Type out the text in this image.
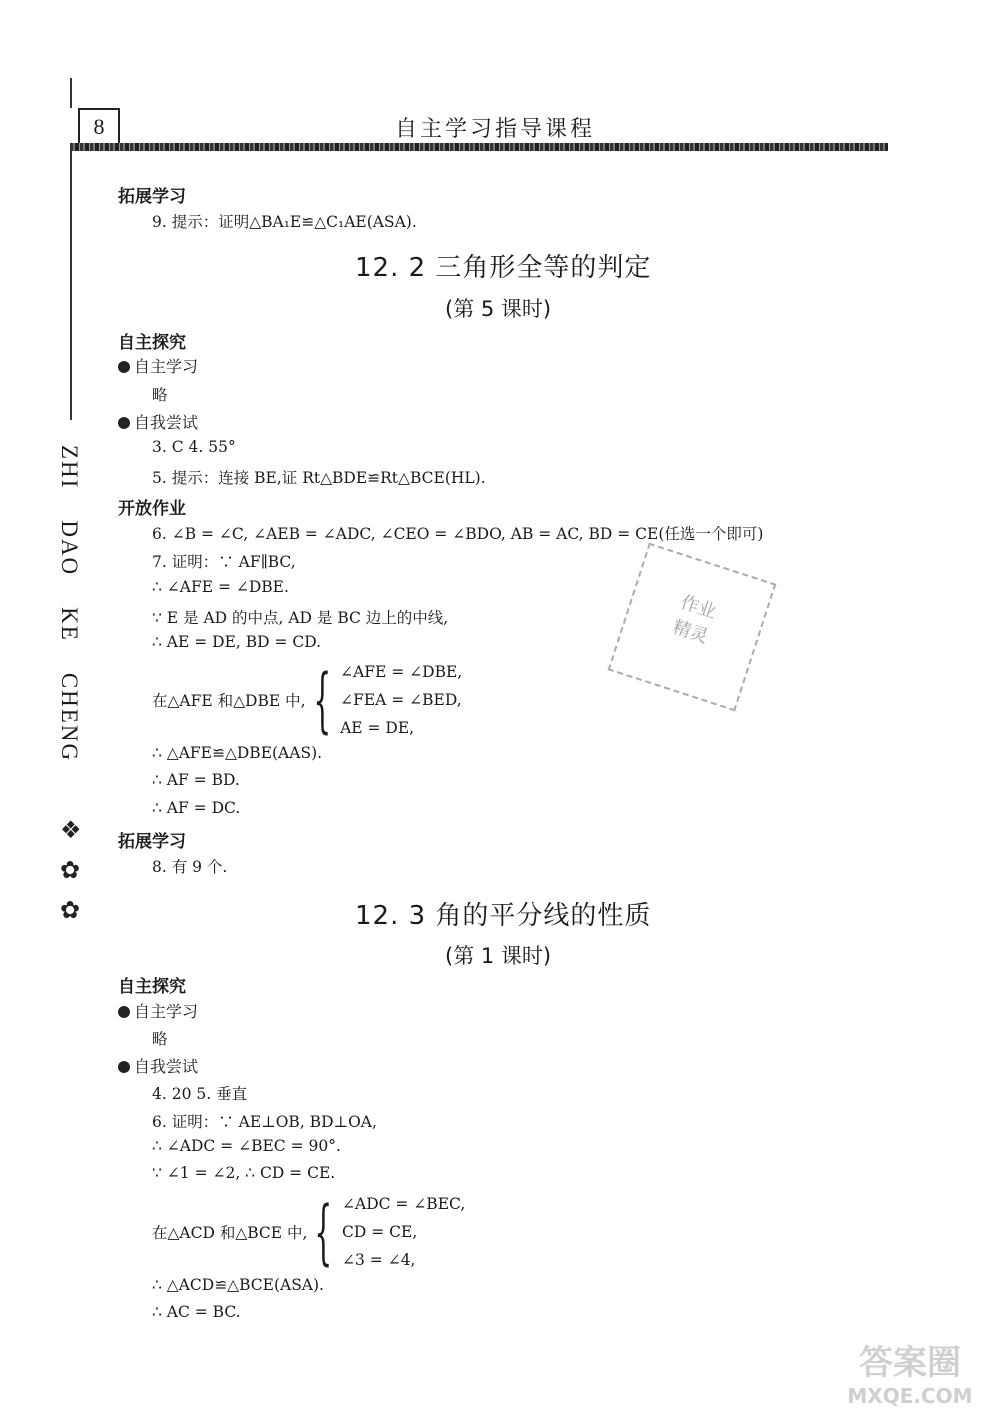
8	自主学习指导课程
ZHI    DAO    KE    CHENG
❖
✿
✿
拓展学习
9. 提示：证明△BA₁E≌△C₁AE(ASA).
12. 2 三角形全等的判定
(第 5 课时)
自主探究
自主学习
略
自我尝试
3. C 4. 55°
5. 提示：连接 BE,证 Rt△BDE≌Rt△BCE(HL).
开放作业
6. ∠B = ∠C, ∠AEB = ∠ADC, ∠CEO = ∠BDO, AB = AC, BD = CE(任选一个即可)
7. 证明：∵ AF∥BC,
∴ ∠AFE = ∠DBE.
∵ E 是 AD 的中点, AD 是 BC 边上的中线,
∴ AE = DE, BD = CD.
在△AFE 和△DBE 中, { ∠AFE = ∠DBE,
∠FEA = ∠BED,
AE = DE,
∴ △AFE≌△DBE(AAS).
∴ AF = BD.
∴ AF = DC.
拓展学习
8. 有 9 个.
作业
精灵
12. 3 角的平分线的性质
(第 1 课时)
自主探究
自主学习
略
自我尝试
4. 20 5. 垂直
6. 证明：∵ AE⊥OB, BD⊥OA,
∴ ∠ADC = ∠BEC = 90°.
∵ ∠1 = ∠2, ∴ CD = CE.
在△ACD 和△BCE 中, { ∠ADC = ∠BEC,
CD = CE,
∠3 = ∠4,
∴ △ACD≌△BCE(ASA).
∴ AC = BC.
答案圈
MXQE.COM
